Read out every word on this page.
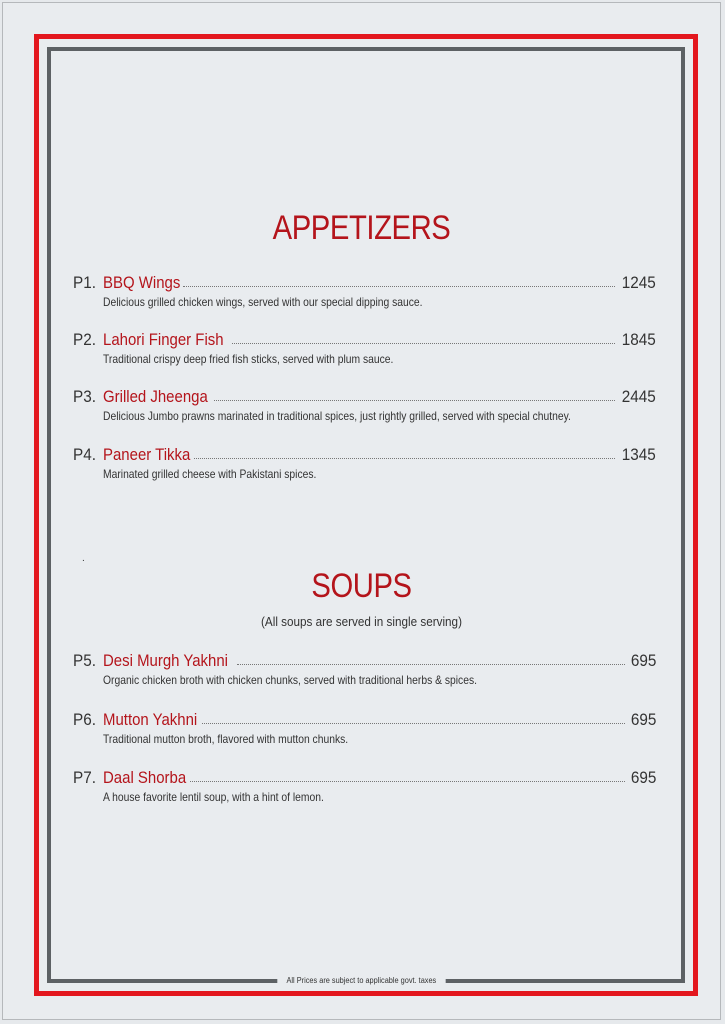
APPETIZERS
P1. BBQ Wings	1245
Delicious grilled chicken wings, served with our special dipping sauce.
P2. Lahori Finger Fish	1845
Traditional crispy deep fried fish sticks, served with plum sauce.
P3. Grilled Jheenga	2445
Delicious Jumbo prawns marinated in traditional spices, just rightly grilled, served with special chutney.
P4. Paneer Tikka	1345
Marinated grilled cheese with Pakistani spices.
.
SOUPS
(All soups are served in single serving)
P5. Desi Murgh Yakhni	695
Organic chicken broth with chicken chunks, served with traditional herbs & spices.
P6. Mutton Yakhni	695
Traditional mutton broth, flavored with mutton chunks.
P7. Daal Shorba	695
A house favorite lentil soup, with a hint of lemon.
All Prices are subject to applicable govt. taxes
